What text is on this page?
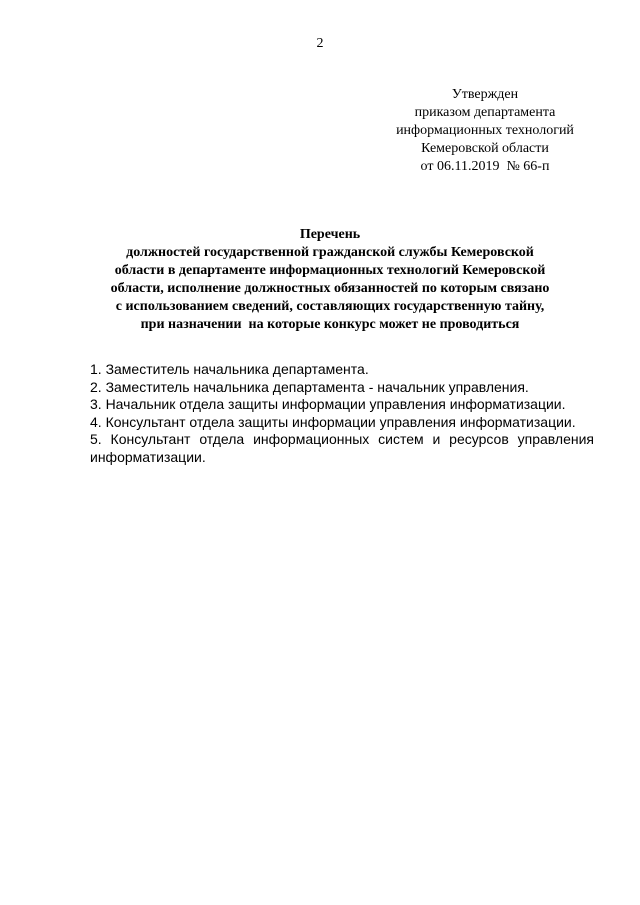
2
Утвержден
приказом департамента
информационных технологий
Кемеровской области
от 06.11.2019  № 66-п
Перечень
должностей государственной гражданской службы Кемеровской
области в департаменте информационных технологий Кемеровской
области, исполнение должностных обязанностей по которым связано
с использованием сведений, составляющих государственную тайну,
при назначении  на которые конкурс может не проводиться
1. Заместитель начальника департамента.
2. Заместитель начальника департамента - начальник управления.
3. Начальник отдела защиты информации управления информатизации.
4. Консультант отдела защиты информации управления информатизации.
5. Консультант отдела информационных систем и ресурсов управления информатизации.
